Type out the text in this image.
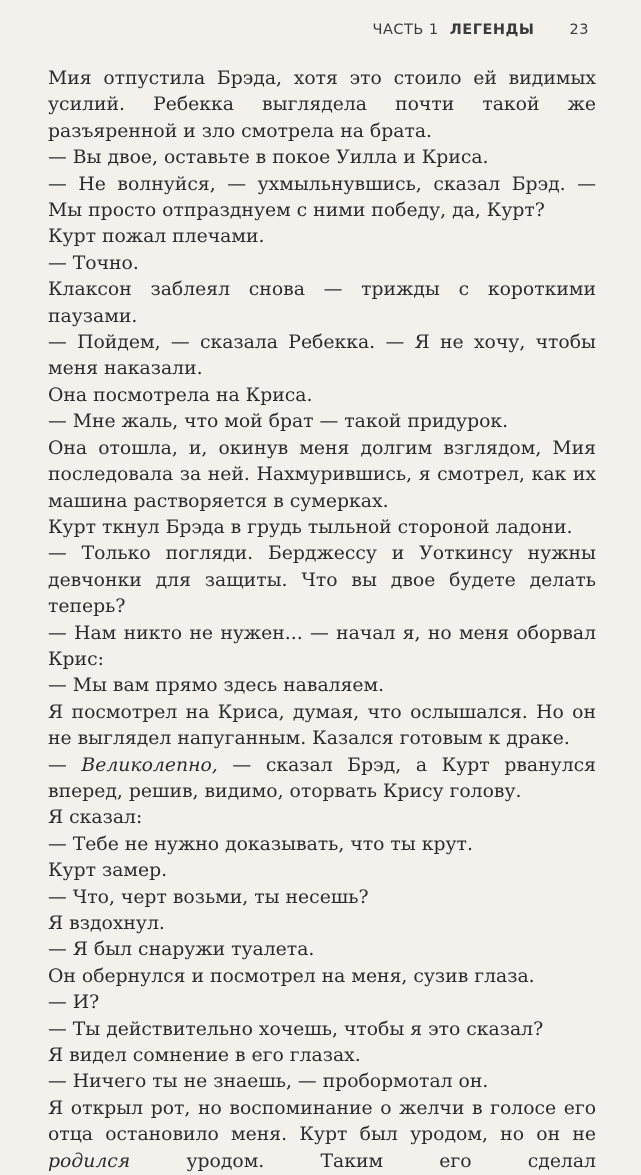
ЧАСТЬ 1 ЛЕГЕНДЫ 23

Мия отпустила Брэда, хотя это стоило ей видимых усилий. Ребекка выглядела почти такой же разъяренной и зло смотрела на брата.

— Вы двое, оставьте в покое Уилла и Криса.

— Не волнуйся, — ухмыльнувшись, сказал Брэд. — Мы просто отпразднуем с ними победу, да, Курт?

Курт пожал плечами.

— Точно.

Клаксон заблеял снова — трижды с короткими паузами.

— Пойдем, — сказала Ребекка. — Я не хочу, чтобы меня наказали.

Она посмотрела на Криса.

— Мне жаль, что мой брат — такой придурок.

Она отошла, и, окинув меня долгим взглядом, Мия последовала за ней. Нахмурившись, я смотрел, как их машина растворяется в сумерках.

Курт ткнул Брэда в грудь тыльной стороной ладони.

— Только погляди. Берджессу и Уоткинсу нужны девчонки для защиты. Что вы двое будете делать теперь?

— Нам никто не нужен... — начал я, но меня оборвал Крис:

— Мы вам прямо здесь наваляем.

Я посмотрел на Криса, думая, что ослышался. Но он не выглядел напуганным. Казался готовым к драке.

— Великолепно, — сказал Брэд, а Курт рванулся вперед, решив, видимо, оторвать Крису голову.

Я сказал:

— Тебе не нужно доказывать, что ты крут.

Курт замер.

— Что, черт возьми, ты несешь?

Я вздохнул.

— Я был снаружи туалета.

Он обернулся и посмотрел на меня, сузив глаза.

— И?

— Ты действительно хочешь, чтобы я это сказал?

Я видел сомнение в его глазах.

— Ничего ты не знаешь, — пробормотал он.

Я открыл рот, но воспоминание о желчи в голосе его отца остановило меня. Курт был уродом, но он не родился уродом. Таким его сделал
